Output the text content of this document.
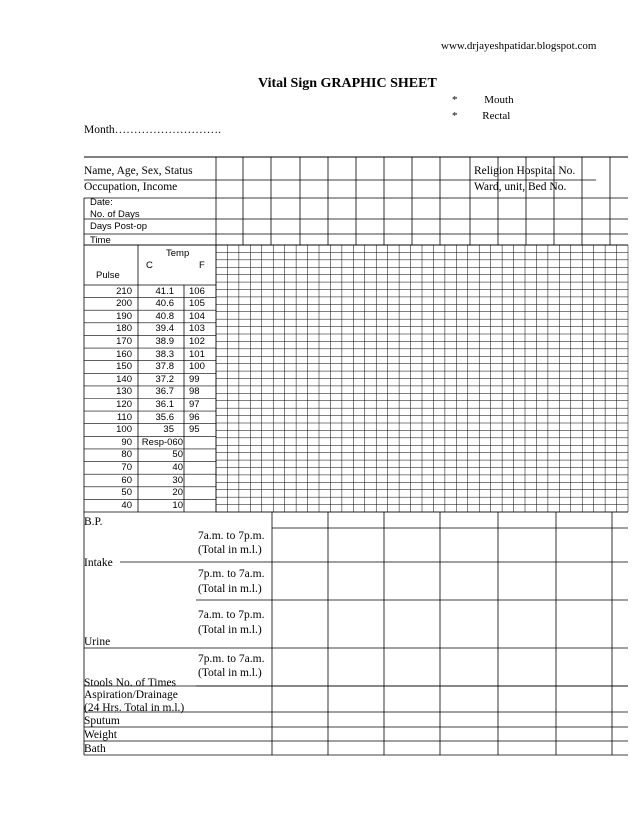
www.drjayeshpatidar.blogspot.com
Vital Sign GRAPHIC SHEET
* Mouth
* Rectal
Month……………………….
Name, Age, Sex, Status
Occupation, Income
Religion Hospital No.
Ward, unit, Bed No.
Date:
No. of Days
Days Post-op
Time
Temp
C	F
Pulse
210 41.1 106
200 40.6 105
190 40.8 104
180 39.4 103
170 38.9 102
160 38.3 101
150 37.8 100
140 37.2 99
130 36.7 98
120 36.1 97
110 35.6 96
100	35 95
90 Resp-060
80	50
70	40
60	30
50	20
40	10
B.P.
7a.m. to 7p.m.
(Total in m.l.)
Intake
7p.m. to 7a.m.
(Total in m.l.)
7a.m. to 7p.m.
(Total in m.l.)
Urine
7p.m. to 7a.m.
(Total in m.l.)
Stools No. of Times
Aspiration/Drainage
(24 Hrs. Total in m.l.)
Sputum
Weight
Bath
